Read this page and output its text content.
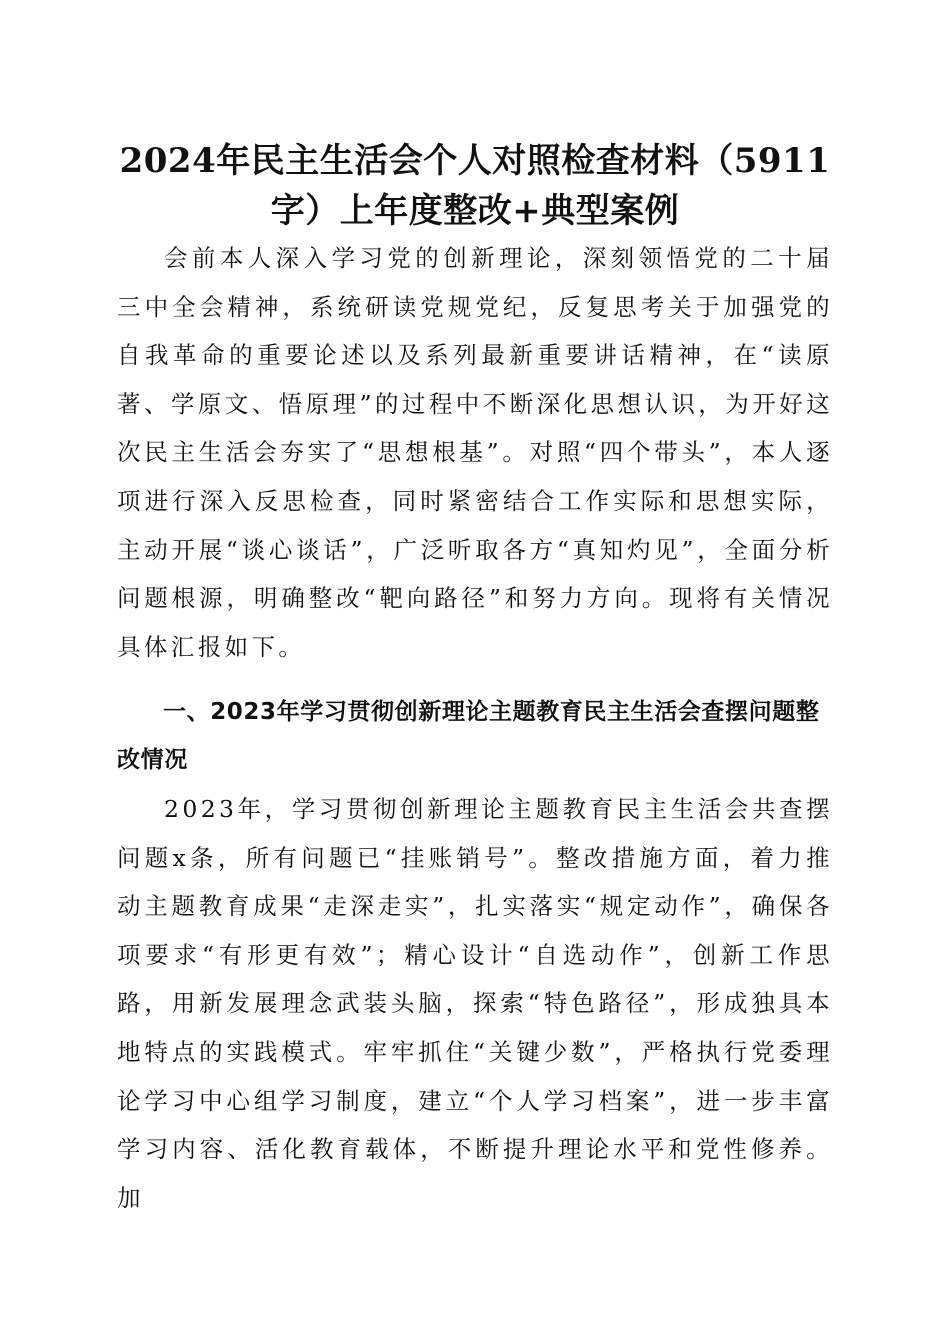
2024年民主生活会个人对照检查材料（5911字）上年度整改+典型案例

会前本人深入学习党的创新理论，深刻领悟党的二十届三中全会精神，系统研读党规党纪，反复思考关于加强党的自我革命的重要论述以及系列最新重要讲话精神，在“读原著、学原文、悟原理”的过程中不断深化思想认识，为开好这次民主生活会夯实了“思想根基”。对照“四个带头”，本人逐项进行深入反思检查，同时紧密结合工作实际和思想实际，主动开展“谈心谈话”，广泛听取各方“真知灼见”，全面分析问题根源，明确整改“靶向路径”和努力方向。现将有关情况具体汇报如下。

一、2023年学习贯彻创新理论主题教育民主生活会查摆问题整改情况

2023年，学习贯彻创新理论主题教育民主生活会共查摆问题x条，所有问题已“挂账销号”。整改措施方面，着力推动主题教育成果“走深走实”，扎实落实“规定动作”，确保各项要求“有形更有效”；精心设计“自选动作”，创新工作思路，用新发展理念武装头脑，探索“特色路径”，形成独具本地特点的实践模式。牢牢抓住“关键少数”，严格执行党委理论学习中心组学习制度，建立“个人学习档案”，进一步丰富学习内容、活化教育载体，不断提升理论水平和党性修养。加
